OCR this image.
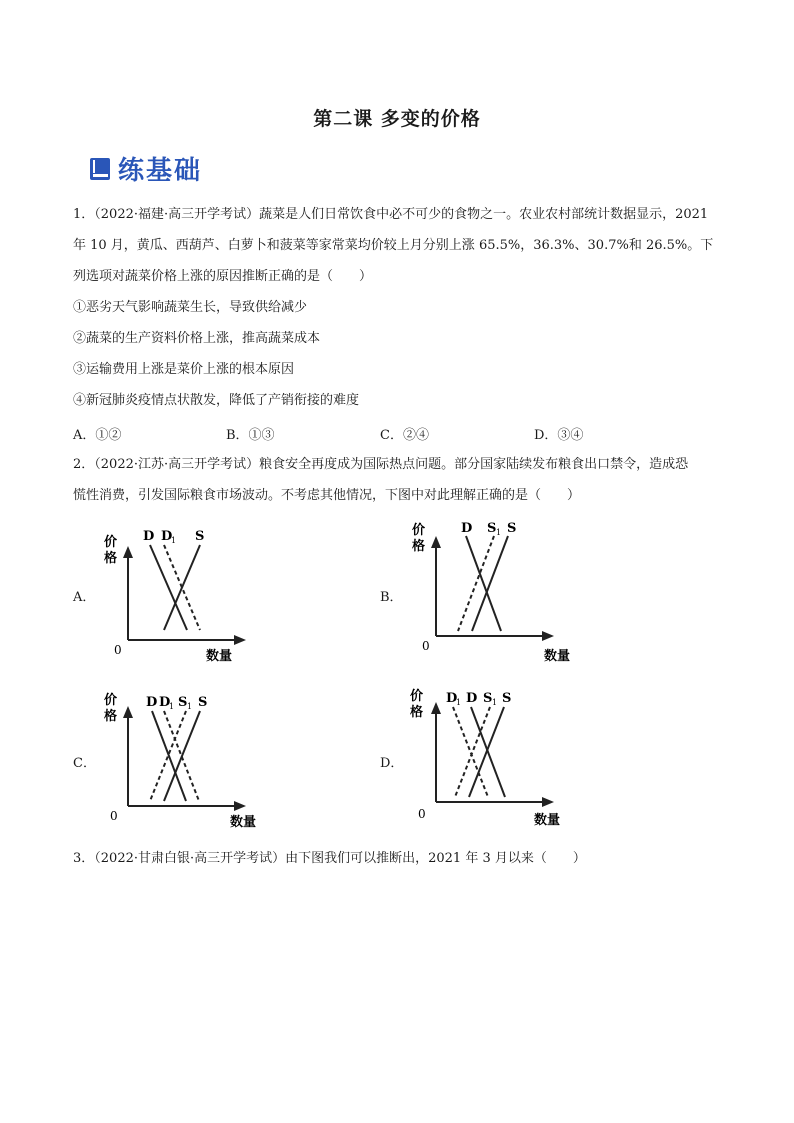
第二课 多变的价格
练基础
1．（2022·福建·高三开学考试）蔬菜是人们日常饮食中必不可少的食物之一。农业农村部统计数据显示，2021
年 10 月，黄瓜、西葫芦、白萝卜和菠菜等家常菜均价较上月分别上涨 65.5%，36.3%、30.7%和 26.5%。下
列选项对蔬菜价格上涨的原因推断正确的是（　　）
①恶劣天气影响蔬菜生长，导致供给减少
②蔬菜的生产资料价格上涨，推高蔬菜成本
③运输费用上涨是菜价上涨的根本原因
④新冠肺炎疫情点状散发，降低了产销衔接的难度
A．①②	B．①③	C．②④	D．③④
2．（2022·江苏·高三开学考试）粮食安全再度成为国际热点问题。部分国家陆续发布粮食出口禁令，造成恐
慌性消费，引发国际粮食市场波动。不考虑其他情况，下图中对此理解正确的是（　　）
A．
价
格
0	数量
D D
1 S
B．
价
格
0
数量
D S 1 S
C．
价
格
0	数量
D D
1 S 1 S
D．
价
格
0	数量
D
1 D S 1 S
3．（2022·甘肃白银·高三开学考试）由下图我们可以推断出，2021 年 3 月以来（　　）
